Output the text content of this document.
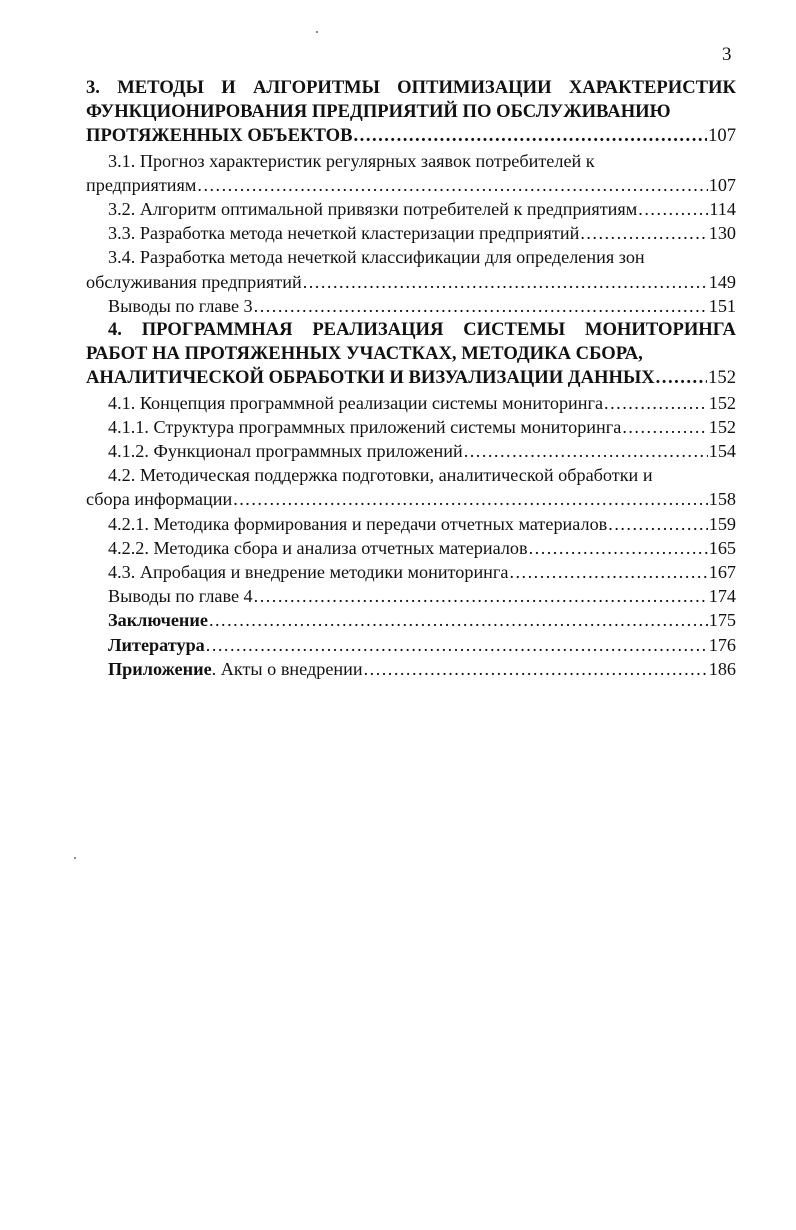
3
3. МЕТОДЫ И АЛГОРИТМЫ ОПТИМИЗАЦИИ ХАРАКТЕРИСТИК ФУНКЦИОНИРОВАНИЯ ПРЕДПРИЯТИЙ ПО ОБСЛУЖИВАНИЮ
ПРОТЯЖЕННЫХ ОБЪЕКТОВ .....	107
3.1. Прогноз характеристик регулярных заявок потребителей к
предприятиям .....	107
3.2. Алгоритм оптимальной привязки потребителей к предприятиям .....	114
3.3. Разработка метода нечеткой кластеризации предприятий .....	130
3.4. Разработка метода нечеткой классификации для определения зон
обслуживания предприятий .....	149
Выводы по главе 3 .....	151
4. ПРОГРАММНАЯ РЕАЛИЗАЦИЯ СИСТЕМЫ МОНИТОРИНГА РАБОТ НА ПРОТЯЖЕННЫХ УЧАСТКАХ, МЕТОДИКА СБОРА,
АНАЛИТИЧЕСКОЙ ОБРАБОТКИ И ВИЗУАЛИЗАЦИИ ДАННЫХ .....	152
4.1. Концепция программной реализации системы мониторинга .....	152
4.1.1. Структура программных приложений системы мониторинга .....	152
4.1.2. Функционал программных приложений .....	154
4.2. Методическая поддержка подготовки, аналитической обработки и
сбора информации .....	158
4.2.1. Методика формирования и передачи отчетных материалов .....	159
4.2.2. Методика сбора и анализа отчетных материалов .....	165
4.3. Апробация и внедрение методики мониторинга .....	167
Выводы по главе 4 .....	174
Заключение .....	175
Литература .....	176
Приложение. Акты о внедрении .....	186
